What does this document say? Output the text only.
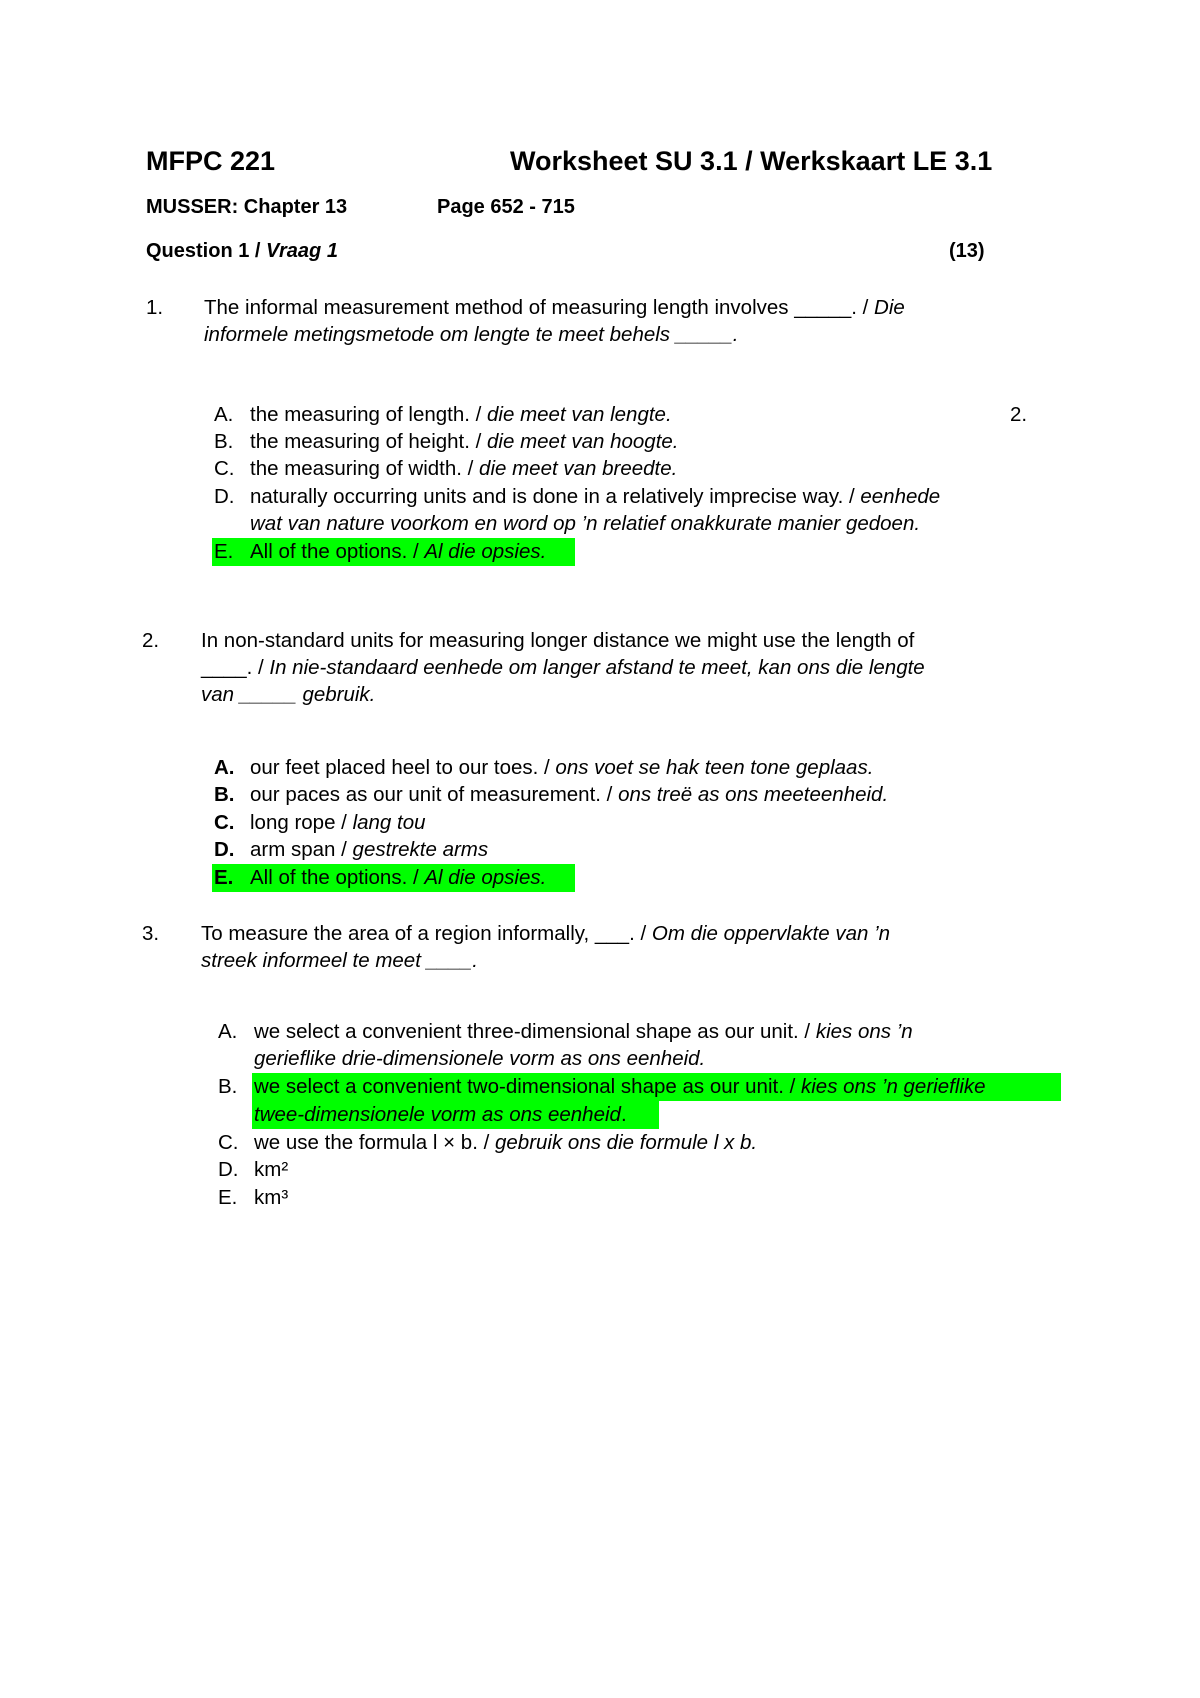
MFPC 221	Worksheet SU 3.1 / Werkskaart LE 3.1
MUSSER: Chapter 13	Page 652 - 715
Question 1 / Vraag 1	(13)
1. The informal measurement method of measuring length involves _____. / Die
informele metingsmetode om lengte te meet behels _____.
A. the measuring of length. / die meet van lengte.	2.
B. the measuring of height. / die meet van hoogte.
C. the measuring of width. / die meet van breedte.
D. naturally occurring units and is done in a relatively imprecise way. / eenhede
wat van nature voorkom en word op ’n relatief onakkurate manier gedoen.
E. All of the options. / Al die opsies.
2. In non-standard units for measuring longer distance we might use the length of
____. / In nie-standaard eenhede om langer afstand te meet, kan ons die lengte
van _____ gebruik.
A. our feet placed heel to our toes. / ons voet se hak teen tone geplaas.
B. our paces as our unit of measurement. / ons treë as ons meeteenheid.
C. long rope / lang tou
D. arm span / gestrekte arms
E. All of the options. / Al die opsies.
3. To measure the area of a region informally, ___. / Om die oppervlakte van ’n
streek informeel te meet ____.
A. we select a convenient three-dimensional shape as our unit. / kies ons ’n
gerieflike drie-dimensionele vorm as ons eenheid.
B. we select a convenient two-dimensional shape as our unit. / kies ons ’n gerieflike
twee-dimensionele vorm as ons eenheid.
C. we use the formula l × b. / gebruik ons die formule l x b.
D. km²
E. km³
